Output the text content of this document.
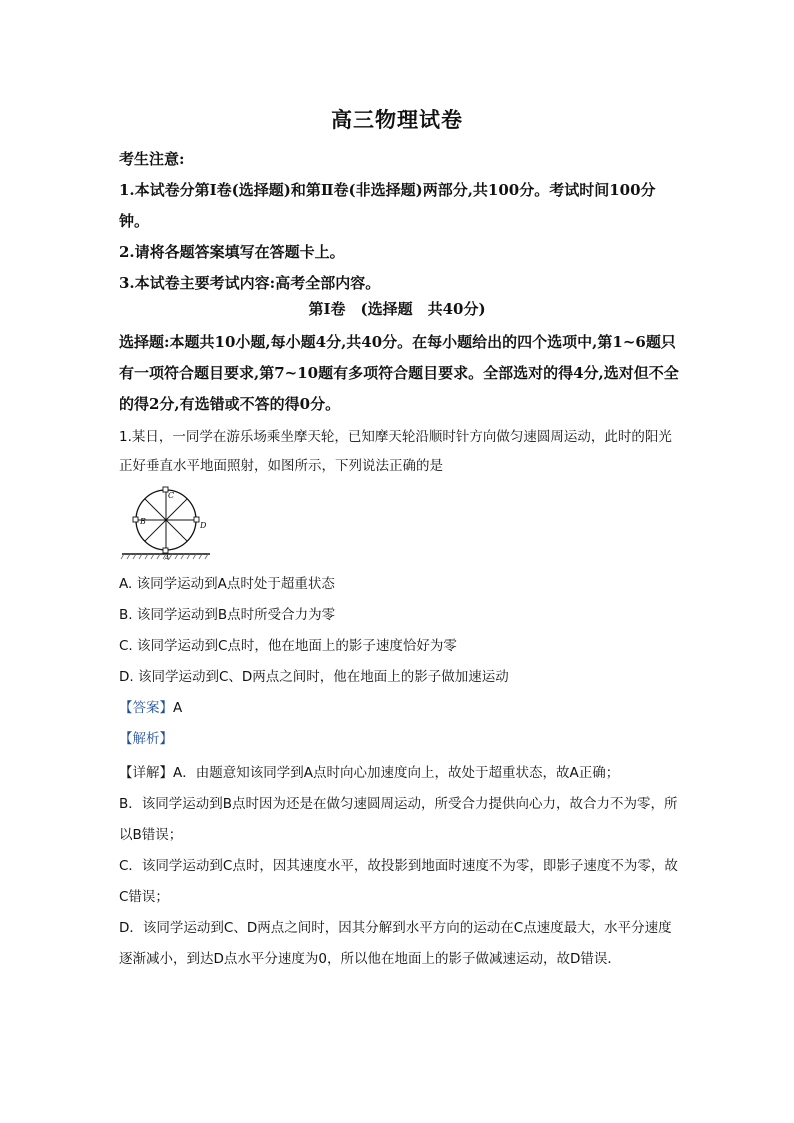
高三物理试卷
考生注意:
1.本试卷分第Ⅰ卷(选择题)和第Ⅱ卷(非选择题)两部分,共100分。考试时间100分钟。
2.请将各题答案填写在答题卡上。
3.本试卷主要考试内容:高考全部内容。
第Ⅰ卷　(选择题　共40分)
选择题:本题共10小题,每小题4分,共40分。在每小题给出的四个选项中,第1~6题只有一项符合题目要求,第7~10题有多项符合题目要求。全部选对的得4分,选对但不全的得2分,有选错或不答的得0分。
1.某日，一同学在游乐场乘坐摩天轮，已知摩天轮沿顺时针方向做匀速圆周运动，此时的阳光正好垂直水平地面照射，如图所示，下列说法正确的是
A
B
C
D
A. 该同学运动到A点时处于超重状态
B. 该同学运动到B点时所受合力为零
C. 该同学运动到C点时，他在地面上的影子速度恰好为零
D. 该同学运动到C、D两点之间时，他在地面上的影子做加速运动
【答案】A
【解析】

【详解】A．由题意知该同学到A点时向心加速度向上，故处于超重状态，故A正确；

B．该同学运动到B点时因为还是在做匀速圆周运动，所受合力提供向心力，故合力不为零，所以B错误；

C．该同学运动到C点时，因其速度水平，故投影到地面时速度不为零，即影子速度不为零，故C错误；

D．该同学运动到C、D两点之间时，因其分解到水平方向的运动在C点速度最大，水平分速度逐渐减小，到达D点水平分速度为0，所以他在地面上的影子做减速运动，故D错误．
